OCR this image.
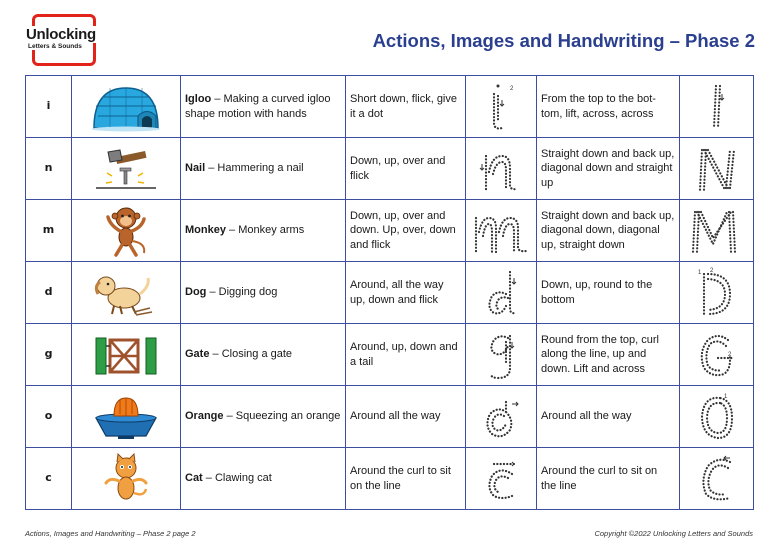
Unlocking
Letters & Sounds	Actions, Images and Handwriting – Phase 2
i		Igloo – Making a curved igloo shape motion with hands	Short down, flick, give it a dot	2	From the top to the bot- tom, lift, across, across	

n		Nail – Hammering a nail	Down, up, over and flick		Straight down and back up, diagonal down and straight up	

m		Monkey – Monkey arms	Down, up, over and down. Up, over, down and flick		Straight down and back up, diagonal down, diagonal up, straight down	

d		Dog – Digging dog	Around, all the way up, down and flick		Down, up, round to the bottom	1 2

g		Gate – Closing a gate	Around, up, down and a tail		Round from the top, curl along the line, up and down. Lift and across	2

o		Orange – Squeezing an orange	Around all the way		Around all the way	1

c		Cat – Clawing cat	Around the curl to sit on the line		Around the curl to sit on the line	
Actions, Images and Handwriting – Phase 2 page 2	Copyright ©2022 Unlocking Letters and Sounds
